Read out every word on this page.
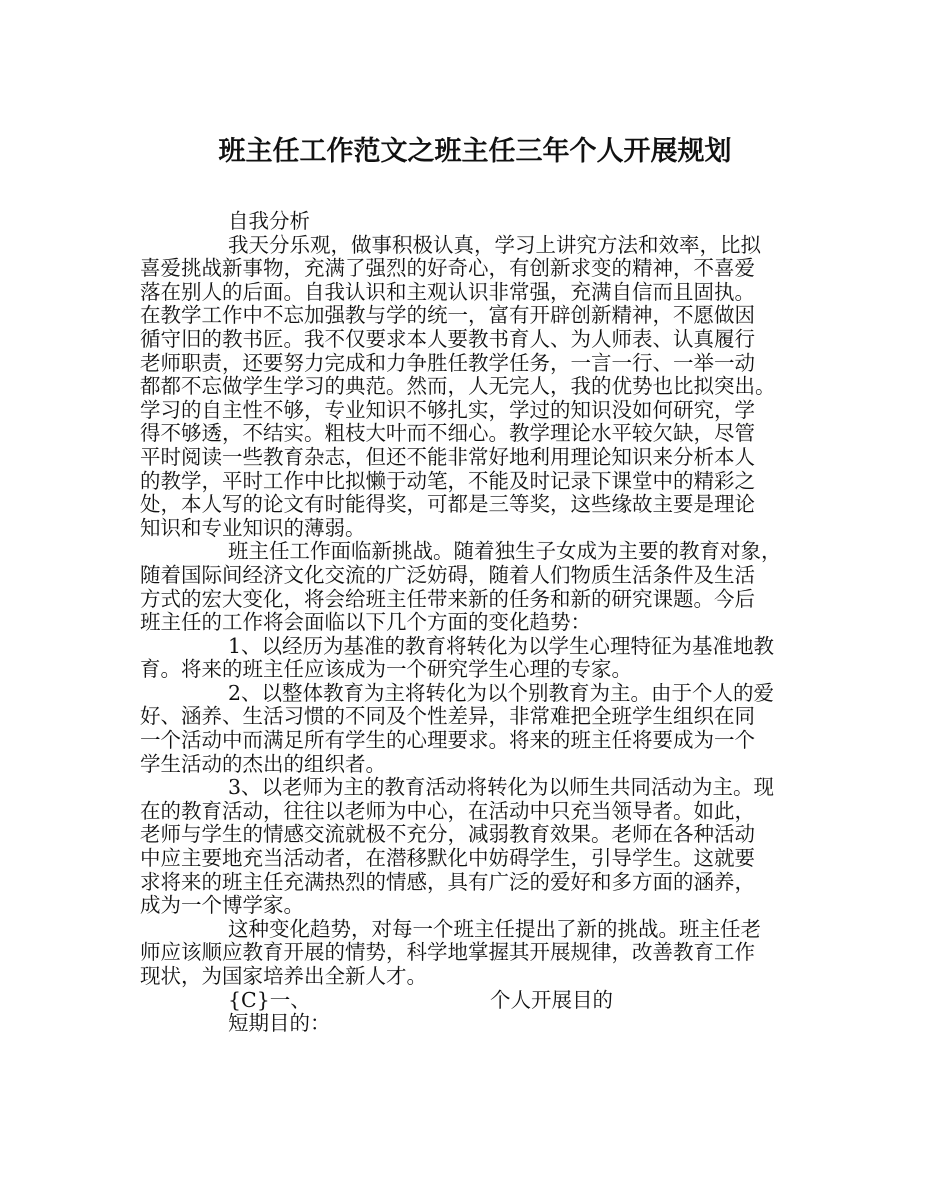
班主任工作范文之班主任三年个人开展规划
自我分析
我天分乐观，做事积极认真，学习上讲究方法和效率，比拟
喜爱挑战新事物，充满了强烈的好奇心，有创新求变的精神，不喜爱
落在别人的后面。自我认识和主观认识非常强，充满自信而且固执。
在教学工作中不忘加强教与学的统一，富有开辟创新精神，不愿做因
循守旧的教书匠。我不仅要求本人要教书育人、为人师表、认真履行
老师职责，还要努力完成和力争胜任教学任务，一言一行、一举一动
都都不忘做学生学习的典范。然而，人无完人，我的优势也比拟突出。
学习的自主性不够，专业知识不够扎实，学过的知识没如何研究，学
得不够透，不结实。粗枝大叶而不细心。教学理论水平较欠缺，尽管
平时阅读一些教育杂志，但还不能非常好地利用理论知识来分析本人
的教学，平时工作中比拟懒于动笔，不能及时记录下课堂中的精彩之
处，本人写的论文有时能得奖，可都是三等奖，这些缘故主要是理论
知识和专业知识的薄弱。
班主任工作面临新挑战。随着独生子女成为主要的教育对象，
随着国际间经济文化交流的广泛妨碍，随着人们物质生活条件及生活
方式的宏大变化，将会给班主任带来新的任务和新的研究课题。今后
班主任的工作将会面临以下几个方面的变化趋势：
1、以经历为基准的教育将转化为以学生心理特征为基准地教
育。将来的班主任应该成为一个研究学生心理的专家。
2、以整体教育为主将转化为以个别教育为主。由于个人的爱
好、涵养、生活习惯的不同及个性差异，非常难把全班学生组织在同
一个活动中而满足所有学生的心理要求。将来的班主任将要成为一个
学生活动的杰出的组织者。
3、以老师为主的教育活动将转化为以师生共同活动为主。现
在的教育活动，往往以老师为中心，在活动中只充当领导者。如此，
老师与学生的情感交流就极不充分，减弱教育效果。老师在各种活动
中应主要地充当活动者，在潜移默化中妨碍学生，引导学生。这就要
求将来的班主任充满热烈的情感，具有广泛的爱好和多方面的涵养，
成为一个博学家。
这种变化趋势，对每一个班主任提出了新的挑战。班主任老
师应该顺应教育开展的情势，科学地掌握其开展规律，改善教育工作
现状，为国家培养出全新人才。
{C}一、	个人开展目的
短期目的：
